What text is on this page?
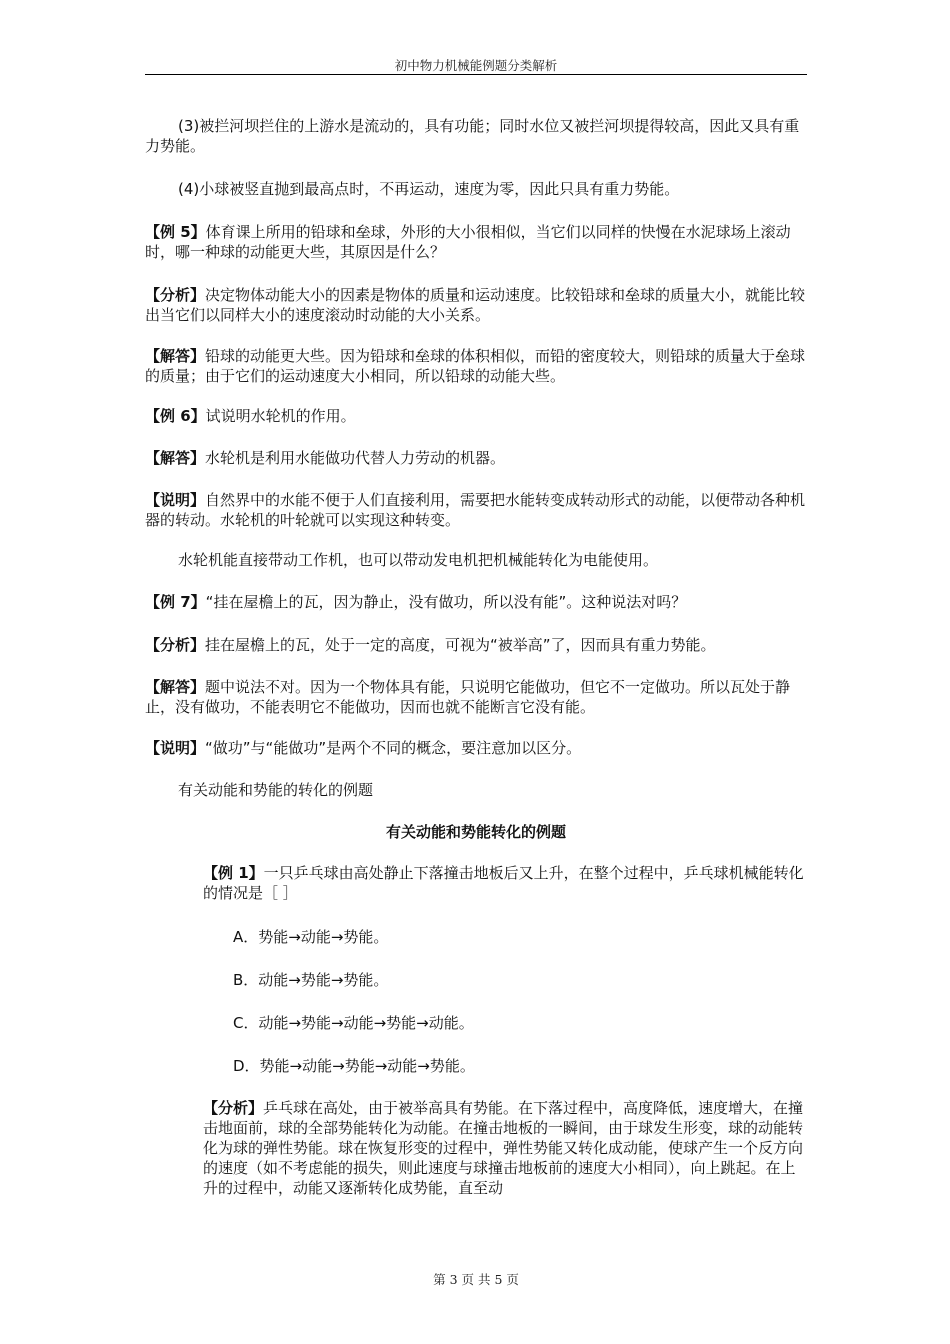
初中物力机械能例题分类解析

(3)被拦河坝拦住的上游水是流动的，具有功能；同时水位又被拦河坝提得较高，因此又具有重力势能。

(4)小球被竖直抛到最高点时，不再运动，速度为零，因此只具有重力势能。

【例 5】体育课上所用的铅球和垒球，外形的大小很相似，当它们以同样的快慢在水泥球场上滚动时，哪一种球的动能更大些，其原因是什么？

【分析】决定物体动能大小的因素是物体的质量和运动速度。比较铅球和垒球的质量大小，就能比较出当它们以同样大小的速度滚动时动能的大小关系。

【解答】铅球的动能更大些。因为铅球和垒球的体积相似，而铅的密度较大，则铅球的质量大于垒球的质量；由于它们的运动速度大小相同，所以铅球的动能大些。

【例 6】试说明水轮机的作用。

【解答】水轮机是利用水能做功代替人力劳动的机器。

【说明】自然界中的水能不便于人们直接利用，需要把水能转变成转动形式的动能，以便带动各种机器的转动。水轮机的叶轮就可以实现这种转变。

水轮机能直接带动工作机，也可以带动发电机把机械能转化为电能使用。

【例 7】“挂在屋檐上的瓦，因为静止，没有做功，所以没有能”。这种说法对吗？

【分析】挂在屋檐上的瓦，处于一定的高度，可视为“被举高”了，因而具有重力势能。

【解答】题中说法不对。因为一个物体具有能，只说明它能做功，但它不一定做功。所以瓦处于静止，没有做功，不能表明它不能做功，因而也就不能断言它没有能。

【说明】“做功”与“能做功”是两个不同的概念，要注意加以区分。

有关动能和势能的转化的例题

有关动能和势能转化的例题

【例 1】一只乒乓球由高处静止下落撞击地板后又上升，在整个过程中，乒乓球机械能转化的情况是［ ］

A．势能→动能→势能。
B．动能→势能→势能。
C．动能→势能→动能→势能→动能。
D．势能→动能→势能→动能→势能。

【分析】乒乓球在高处，由于被举高具有势能。在下落过程中，高度降低，速度增大，在撞击地面前，球的全部势能转化为动能。在撞击地板的一瞬间，由于球发生形变，球的动能转化为球的弹性势能。球在恢复形变的过程中，弹性势能又转化成动能，使球产生一个反方向的速度（如不考虑能的损失，则此速度与球撞击地板前的速度大小相同），向上跳起。在上升的过程中，动能又逐渐转化成势能，直至动

第 3 页 共 5 页
